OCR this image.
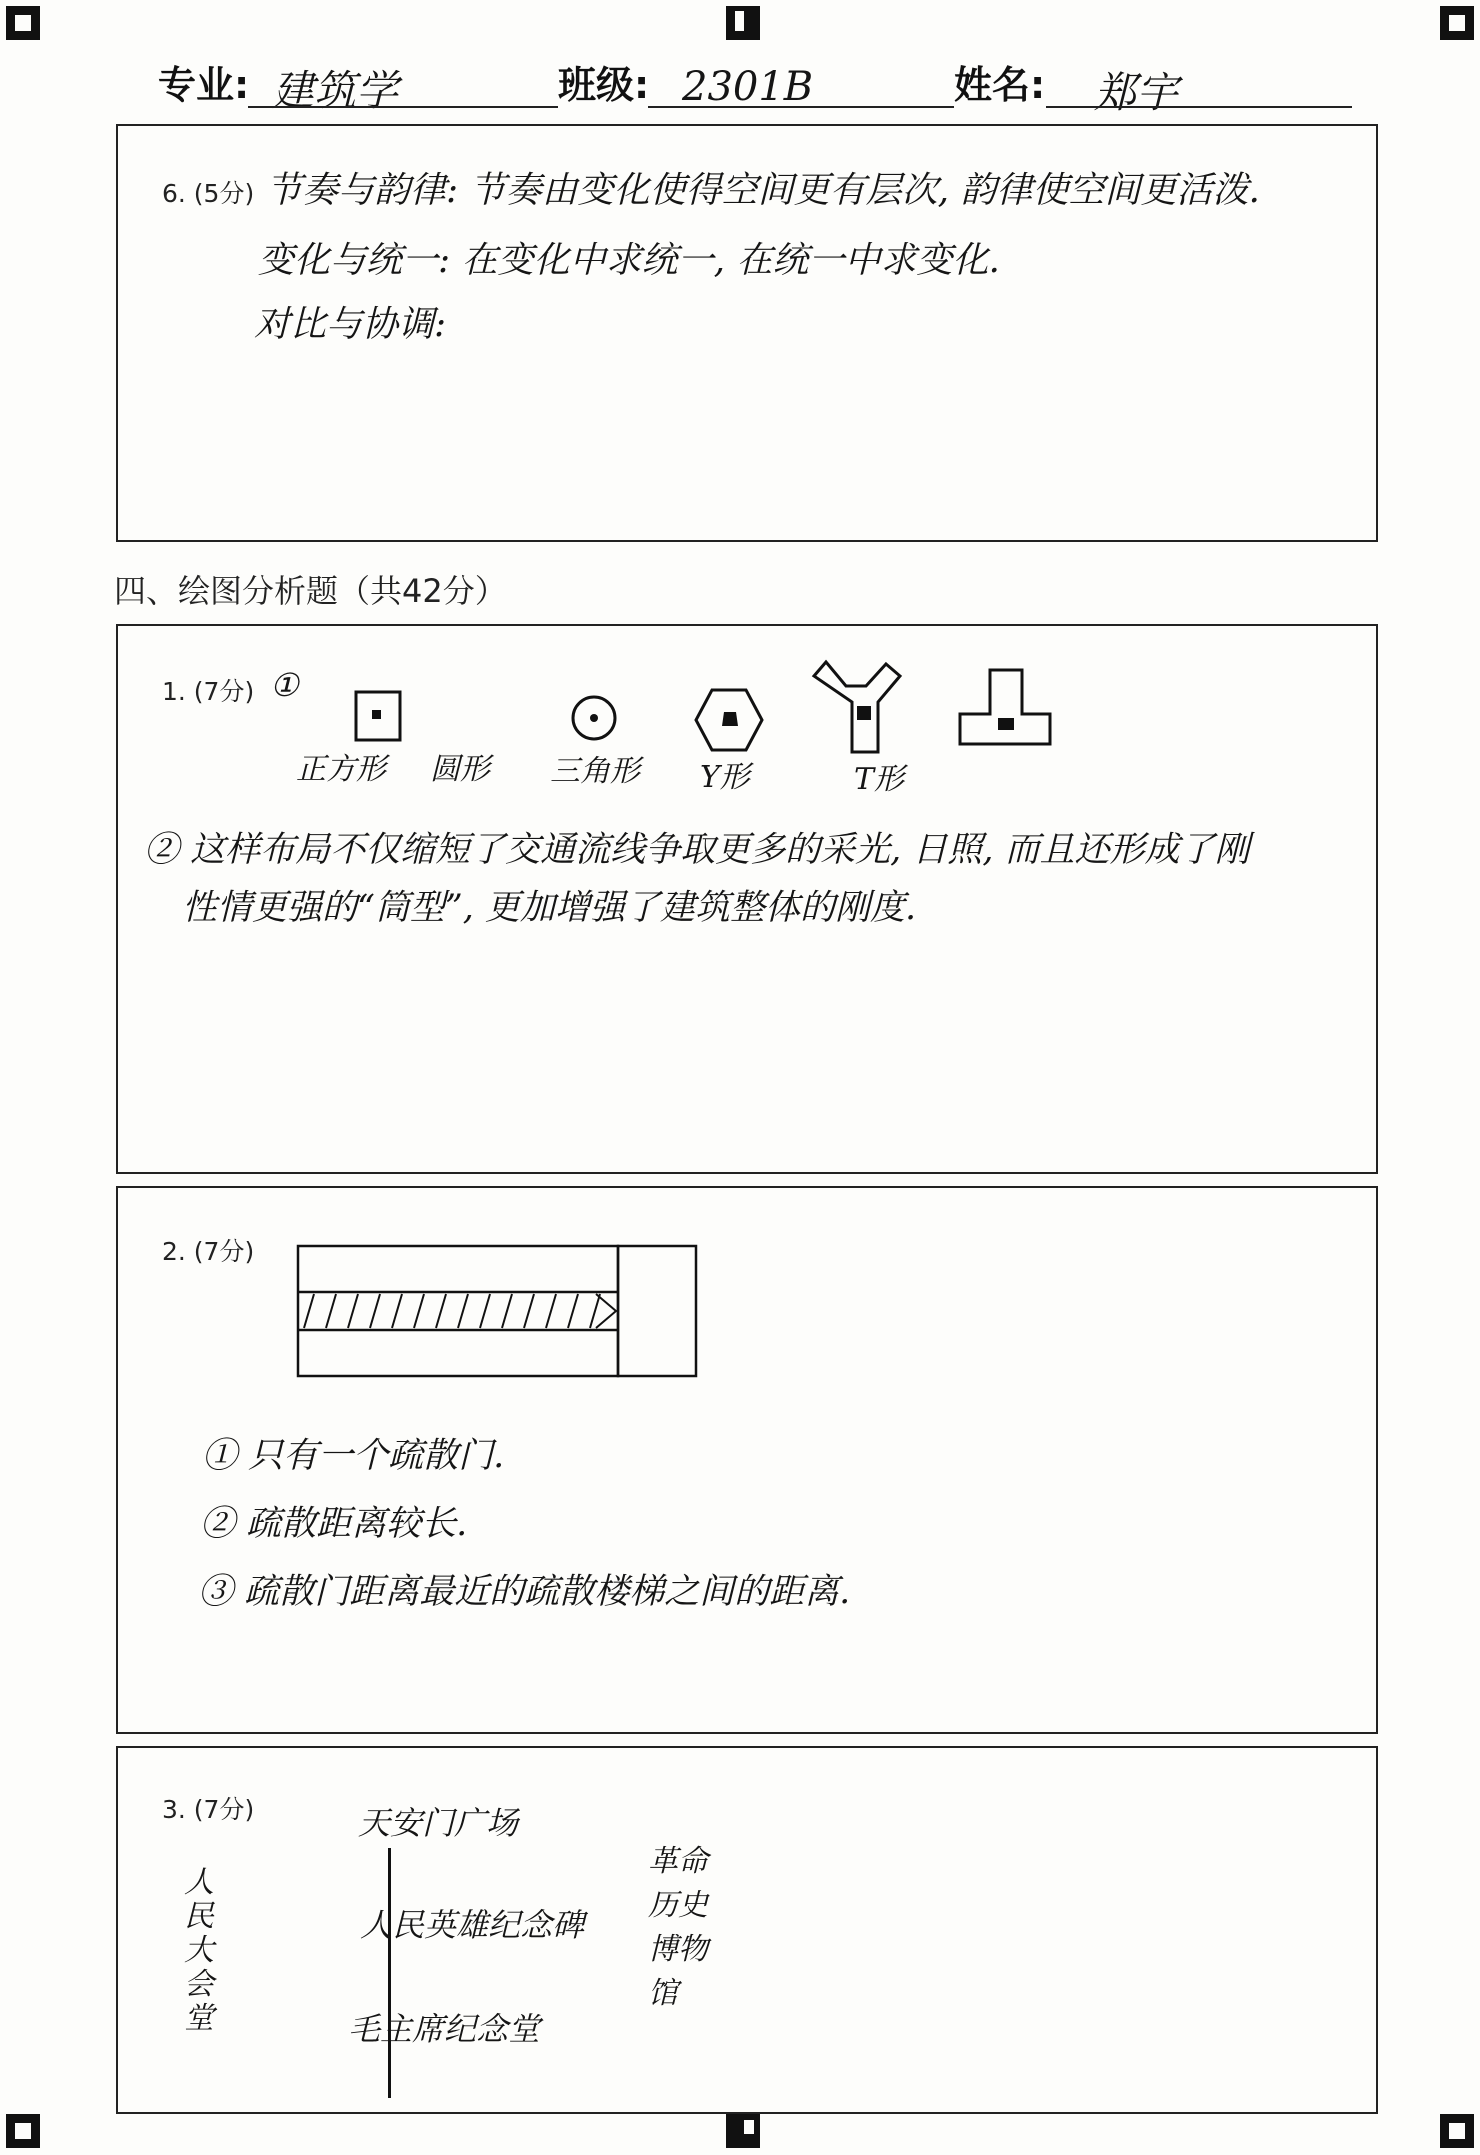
专业: 建筑学	班级: 2301B	姓名: 郑宇
6. (5分) 节奏与韵律: 节奏由变化使得空间更有层次, 韵律使空间更活泼.
变化与统一: 在变化中求统一, 在统一中求变化.
对比与协调:
四、绘图分析题（共42分）
1. (7分) ①
正方形 圆形 三角形 Y形	T形
② 这样布局不仅缩短了交通流线争取更多的采光, 日照, 而且还形成了刚
性情更强的“筒型”, 更加增强了建筑整体的刚度.
2. (7分)
① 只有一个疏散门.
② 疏散距离较长.
③ 疏散门距离最近的疏散楼梯之间的距离.
3. (7分)
人民大会堂
天安门广场
人民英雄纪念碑
毛主席纪念堂
革命历史博物馆
